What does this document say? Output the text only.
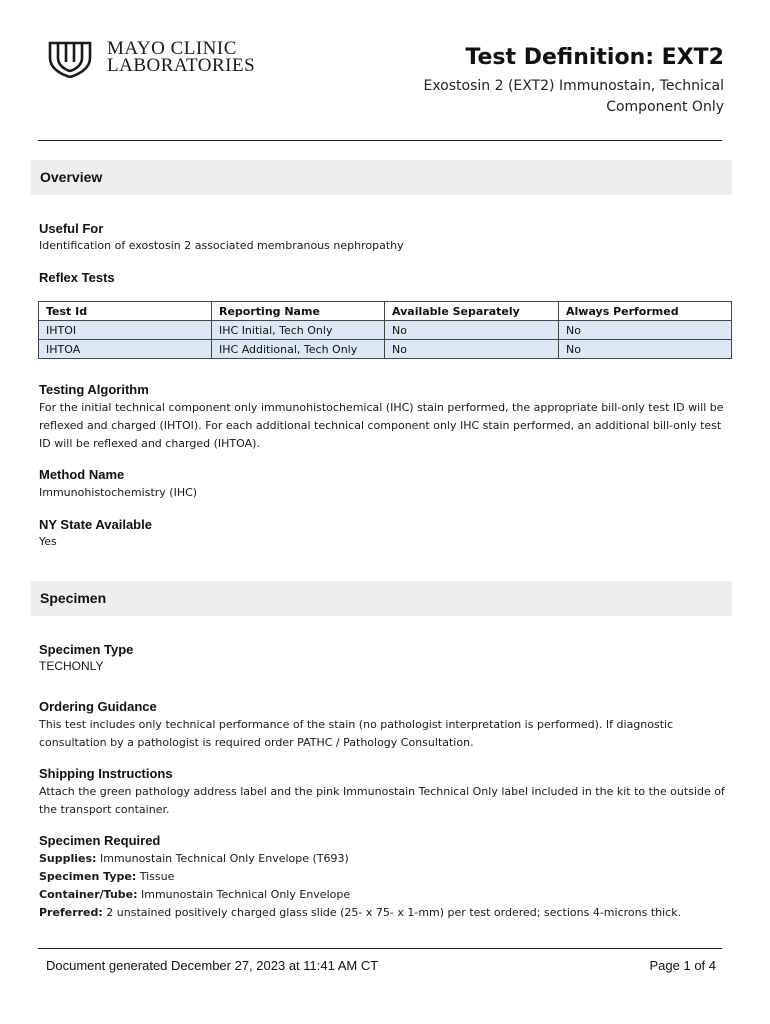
MAYO CLINIC
LABORATORIES	Test Definition: EXT2
Exostosin 2 (EXT2) Immunostain, Technical Component Only
Overview
Useful For
Identification of exostosin 2 associated membranous nephropathy
Reflex Tests
Test Id	Reporting Name	Available Separately	Always Performed
IHTOI	IHC Initial, Tech Only	No	No
IHTOA	IHC Additional, Tech Only	No	No
Testing Algorithm
For the initial technical component only immunohistochemical (IHC) stain performed, the appropriate bill-only test ID will be reflexed and charged (IHTOI). For each additional technical component only IHC stain performed, an additional bill-only test ID will be reflexed and charged (IHTOA).
Method Name
Immunohistochemistry (IHC)
NY State Available
Yes
Specimen
Specimen Type
TECHONLY
Ordering Guidance
This test includes only technical performance of the stain (no pathologist interpretation is performed). If diagnostic consultation by a pathologist is required order PATHC / Pathology Consultation.
Shipping Instructions
Attach the green pathology address label and the pink Immunostain Technical Only label included in the kit to the outside of the transport container.
Specimen Required
Supplies: Immunostain Technical Only Envelope (T693)
Specimen Type: Tissue
Container/Tube: Immunostain Technical Only Envelope
Preferred: 2 unstained positively charged glass slide (25- x 75- x 1-mm) per test ordered; sections 4-microns thick.
Document generated December 27, 2023 at 11:41 AM CT	Page 1 of 4
